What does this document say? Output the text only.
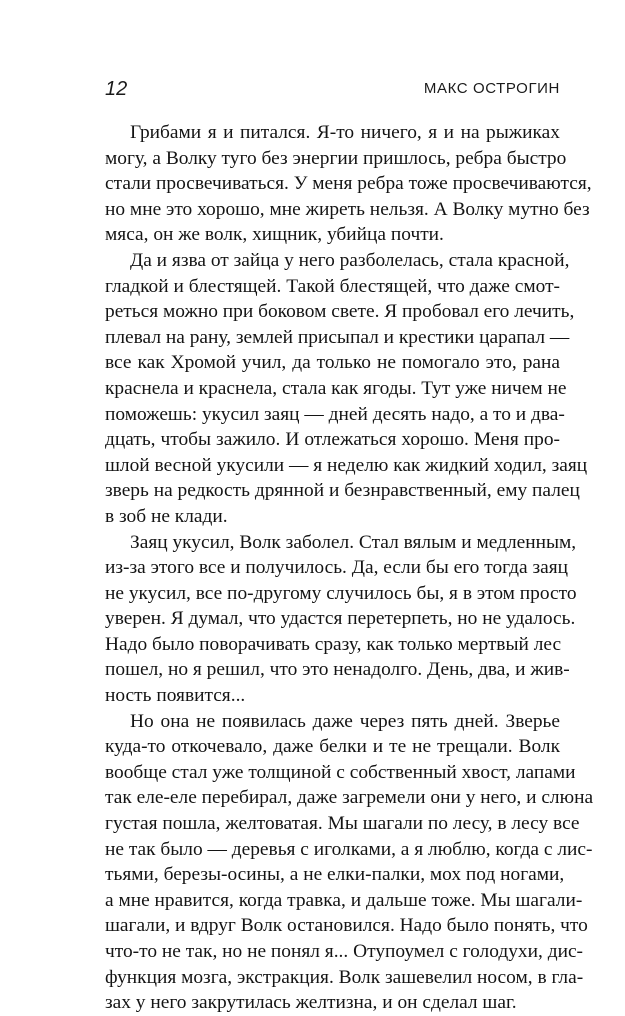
12	МАКС ОСТРОГИН
Грибами я и питался. Я-то ничего, я и на рыжиках
могу, а Волку туго без энергии пришлось, ребра быстро
стали просвечиваться. У меня ребра тоже просвечиваются,
но мне это хорошо, мне жиреть нельзя. А Волку мутно без
мяса, он же волк, хищник, убийца почти.
Да и язва от зайца у него разболелась, стала красной,
гладкой и блестящей. Такой блестящей, что даже смот-
реться можно при боковом свете. Я пробовал его лечить,
плевал на рану, землей присыпал и крестики царапал —
все как Хромой учил, да только не помогало это, рана
краснела и краснела, стала как ягоды. Тут уже ничем не
поможешь: укусил заяц — дней десять надо, а то и два-
дцать, чтобы зажило. И отлежаться хорошо. Меня про-
шлой весной укусили — я неделю как жидкий ходил, заяц
зверь на редкость дрянной и безнравственный, ему палец
в зоб не клади.
Заяц укусил, Волк заболел. Стал вялым и медленным,
из-за этого все и получилось. Да, если бы его тогда заяц
не укусил, все по-другому случилось бы, я в этом просто
уверен. Я думал, что удастся перетерпеть, но не удалось.
Надо было поворачивать сразу, как только мертвый лес
пошел, но я решил, что это ненадолго. День, два, и жив-
ность появится...
Но она не появилась даже через пять дней. Зверье
куда-то откочевало, даже белки и те не трещали. Волк
вообще стал уже толщиной с собственный хвост, лапами
так еле-еле перебирал, даже загремели они у него, и слюна
густая пошла, желтоватая. Мы шагали по лесу, в лесу все
не так было — деревья с иголками, а я люблю, когда с лис-
тьями, березы-осины, а не елки-палки, мох под ногами,
а мне нравится, когда травка, и дальше тоже. Мы шагали-
шагали, и вдруг Волк остановился. Надо было понять, что
что-то не так, но не понял я... Отупоумел с голодухи, дис-
функция мозга, экстракция. Волк зашевелил носом, в гла-
зах у него закрутилась желтизна, и он сделал шаг.
